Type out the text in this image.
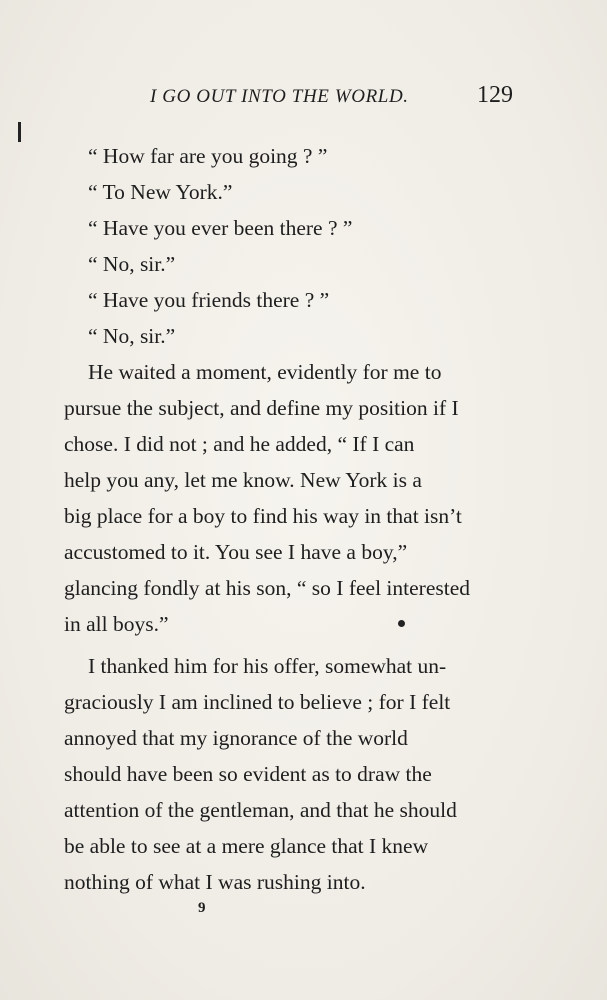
I GO OUT INTO THE WORLD.	129
“ How far are you going ? ”
“ To New York.”
“ Have you ever been there ? ”
“ No, sir.”
“ Have you friends there ? ”
“ No, sir.”
He waited a moment, evidently for me to
pursue the subject, and define my position if I
chose. I did not ; and he added, “ If I can
help you any, let me know. New York is a
big place for a boy to find his way in that isn’t
accustomed to it. You see I have a boy,”
glancing fondly at his son, “ so I feel interested
in all boys.”
I thanked him for his offer, somewhat un-
graciously I am inclined to believe ; for I felt
annoyed that my ignorance of the world
should have been so evident as to draw the
attention of the gentleman, and that he should
be able to see at a mere glance that I knew
nothing of what I was rushing into.
9
